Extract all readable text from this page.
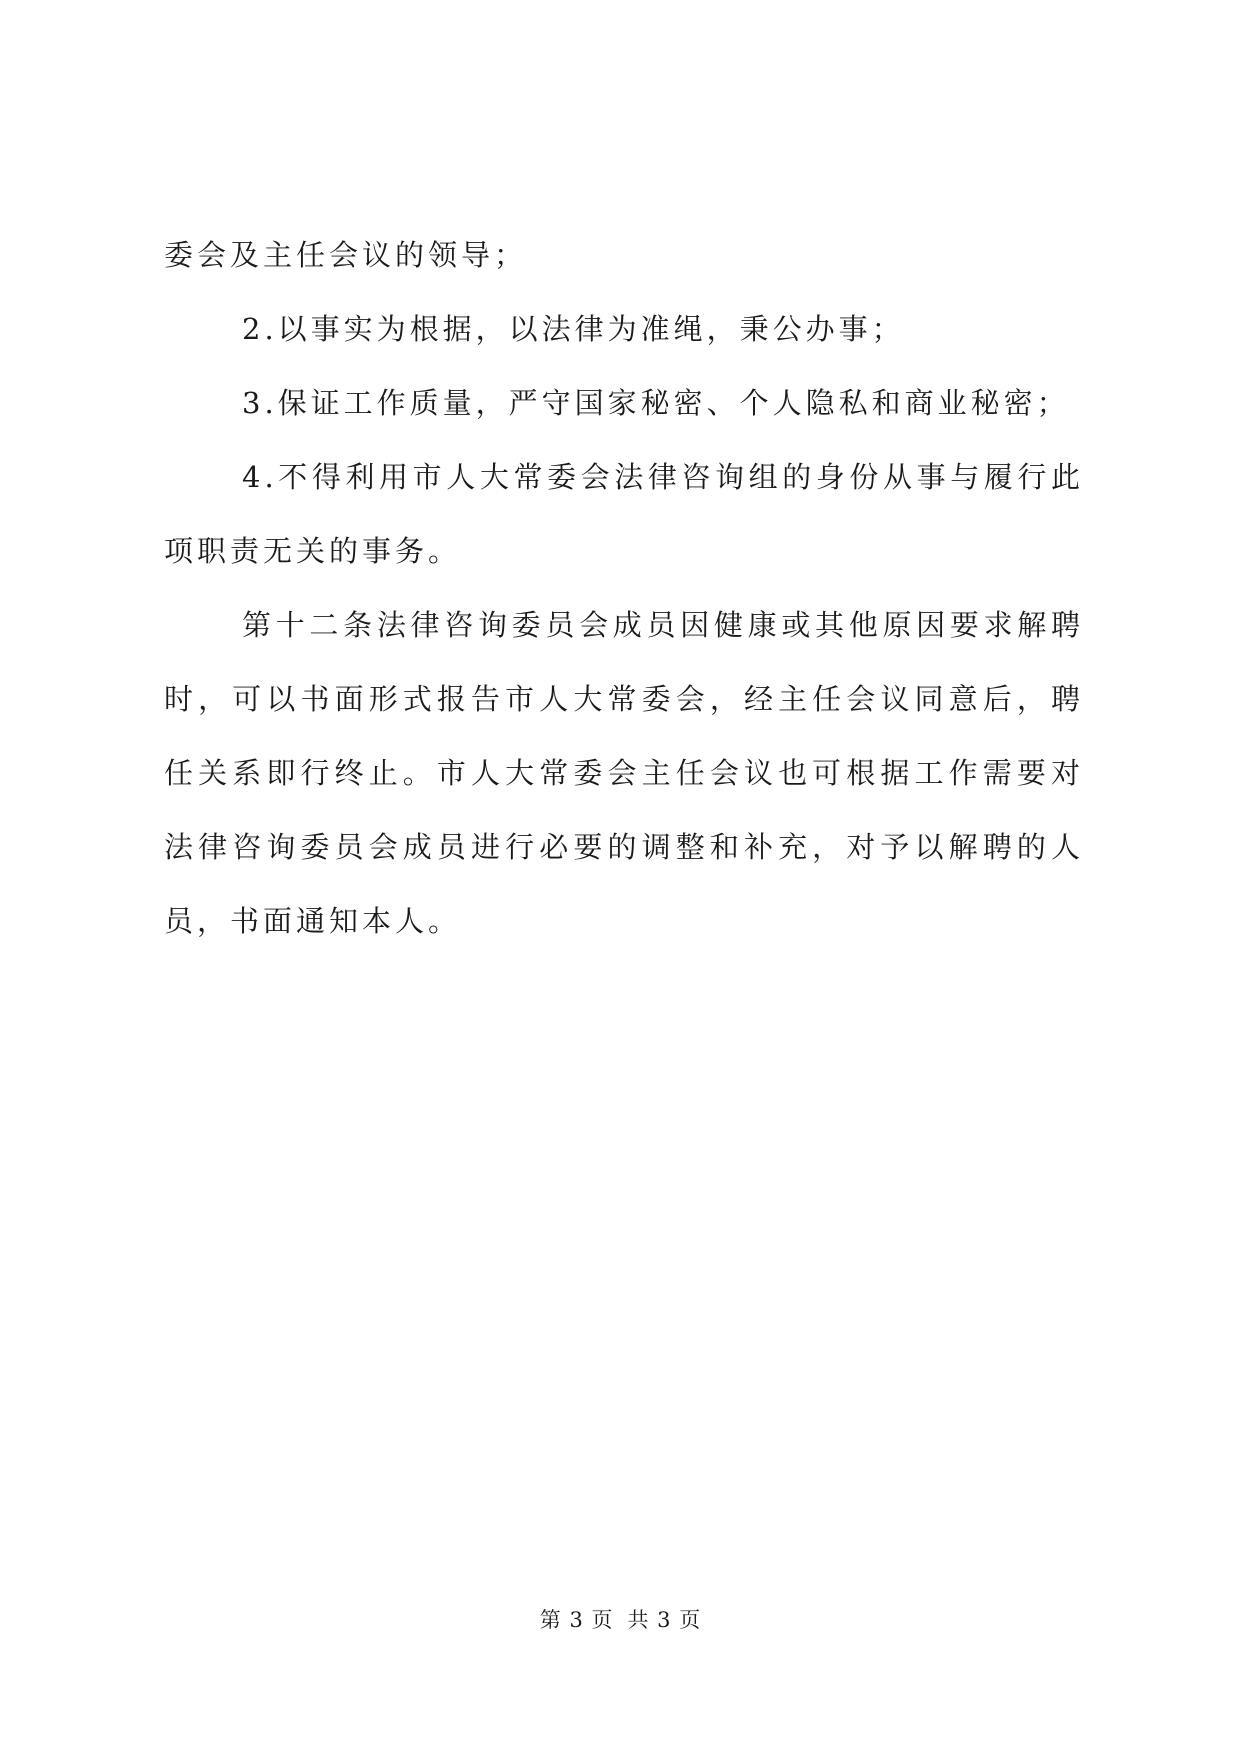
委会及主任会议的领导；

2.以事实为根据，以法律为准绳，秉公办事；

3.保证工作质量，严守国家秘密、个人隐私和商业秘密；

4.不得利用市人大常委会法律咨询组的身份从事与履行此项职责无关的事务。

第十二条法律咨询委员会成员因健康或其他原因要求解聘时，可以书面形式报告市人大常委会，经主任会议同意后，聘任关系即行终止。市人大常委会主任会议也可根据工作需要对法律咨询委员会成员进行必要的调整和补充，对予以解聘的人员，书面通知本人。

第 3 页 共 3 页
